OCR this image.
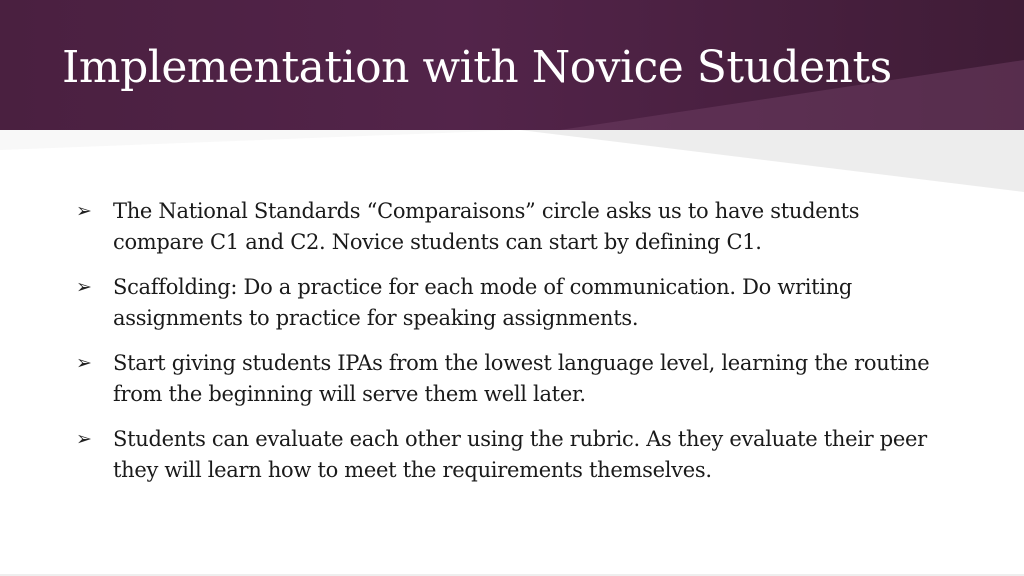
Implementation with Novice Students
➢ The National Standards “Comparaisons” circle asks us to have students compare C1 and C2. Novice students can start by defining C1.
➢ Scaffolding: Do a practice for each mode of communication. Do writing assignments to practice for speaking assignments.
➢ Start giving students IPAs from the lowest language level, learning the routine from the beginning will serve them well later.
➢ Students can evaluate each other using the rubric. As they evaluate their peer they will learn how to meet the requirements themselves.
